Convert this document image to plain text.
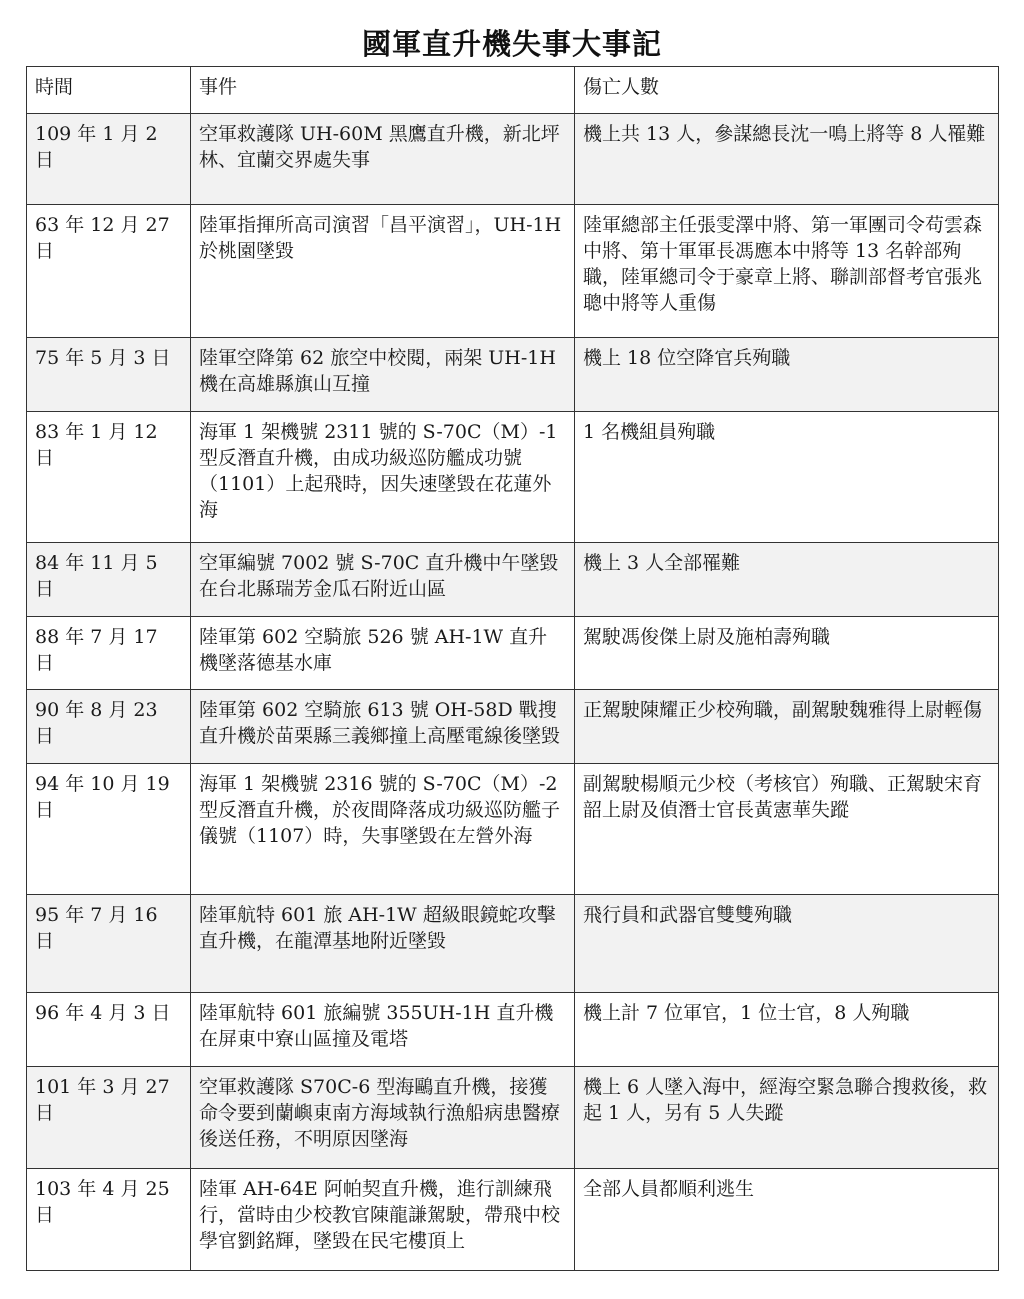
國軍直升機失事大事記
時間	事件	傷亡人數
109 年 1 月 2 日	空軍救護隊 UH-60M 黑鷹直升機，新北坪林、宜蘭交界處失事	機上共 13 人，參謀總長沈一鳴上將等 8 人罹難
63 年 12 月 27 日	陸軍指揮所高司演習「昌平演習」，UH-1H 於桃園墜毀	陸軍總部主任張雯澤中將、第一軍團司令苟雲森中將、第十軍軍長馮應本中將等 13 名幹部殉職，陸軍總司令于豪章上將、聯訓部督考官張兆聰中將等人重傷
75 年 5 月 3 日	陸軍空降第 62 旅空中校閱，兩架 UH-1H 機在高雄縣旗山互撞	機上 18 位空降官兵殉職
83 年 1 月 12 日	海軍 1 架機號 2311 號的 S-70C（M）-1 型反潛直升機，由成功級巡防艦成功號（1101）上起飛時，因失速墜毀在花蓮外海	1 名機組員殉職
84 年 11 月 5 日	空軍編號 7002 號 S-70C 直升機中午墜毀在台北縣瑞芳金瓜石附近山區	機上 3 人全部罹難
88 年 7 月 17 日	陸軍第 602 空騎旅 526 號 AH-1W 直升機墜落德基水庫	駕駛馮俊傑上尉及施柏壽殉職
90 年 8 月 23 日	陸軍第 602 空騎旅 613 號 OH-58D 戰搜直升機於苗栗縣三義鄉撞上高壓電線後墜毀	正駕駛陳耀正少校殉職，副駕駛魏雅得上尉輕傷
94 年 10 月 19 日	海軍 1 架機號 2316 號的 S-70C（M）-2 型反潛直升機，於夜間降落成功級巡防艦子儀號（1107）時，失事墜毀在左營外海	副駕駛楊順元少校（考核官）殉職、正駕駛宋育韶上尉及偵潛士官長黃憲華失蹤
95 年 7 月 16 日	陸軍航特 601 旅 AH-1W 超級眼鏡蛇攻擊直升機，在龍潭基地附近墜毀	飛行員和武器官雙雙殉職
96 年 4 月 3 日	陸軍航特 601 旅編號 355UH-1H 直升機在屏東中寮山區撞及電塔	機上計 7 位軍官，1 位士官，8 人殉職
101 年 3 月 27 日	空軍救護隊 S70C-6 型海鷗直升機，接獲命令要到蘭嶼東南方海域執行漁船病患醫療後送任務，不明原因墜海	機上 6 人墜入海中，經海空緊急聯合搜救後，救起 1 人，另有 5 人失蹤
103 年 4 月 25 日	陸軍 AH-64E 阿帕契直升機，進行訓練飛行，當時由少校教官陳龍謙駕駛，帶飛中校學官劉銘輝，墜毀在民宅樓頂上	全部人員都順利逃生
